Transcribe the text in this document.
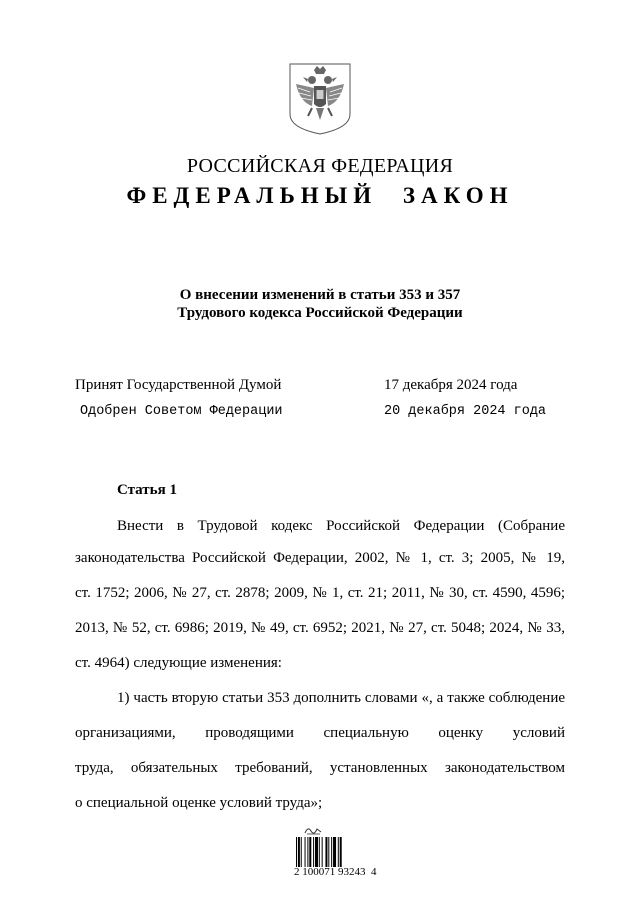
РОССИЙСКАЯ ФЕДЕРАЦИЯ
ФЕДЕРАЛЬНЫЙ ЗАКОН
О внесении изменений в статьи 353 и 357
Трудового кодекса Российской Федерации
Принят Государственной Думой	17 декабря 2024 года
Одобрен Советом Федерации	20 декабря 2024 года
Статья 1
Внести в Трудовой кодекс Российской Федерации (Собрание
законодательства Российской Федерации, 2002, № 1, ст. 3; 2005, № 19,
ст. 1752; 2006, № 27, ст. 2878; 2009, № 1, ст. 21; 2011, № 30, ст. 4590, 4596;
2013, № 52, ст. 6986; 2019, № 49, ст. 6952; 2021, № 27, ст. 5048; 2024, № 33,
ст. 4964) следующие изменения:
1) часть вторую статьи 353 дополнить словами «, а также соблюдение
организациями, проводящими специальную оценку условий
труда, обязательных требований, установленных законодательством
о специальной оценке условий труда»;
2 100071 93243  4
